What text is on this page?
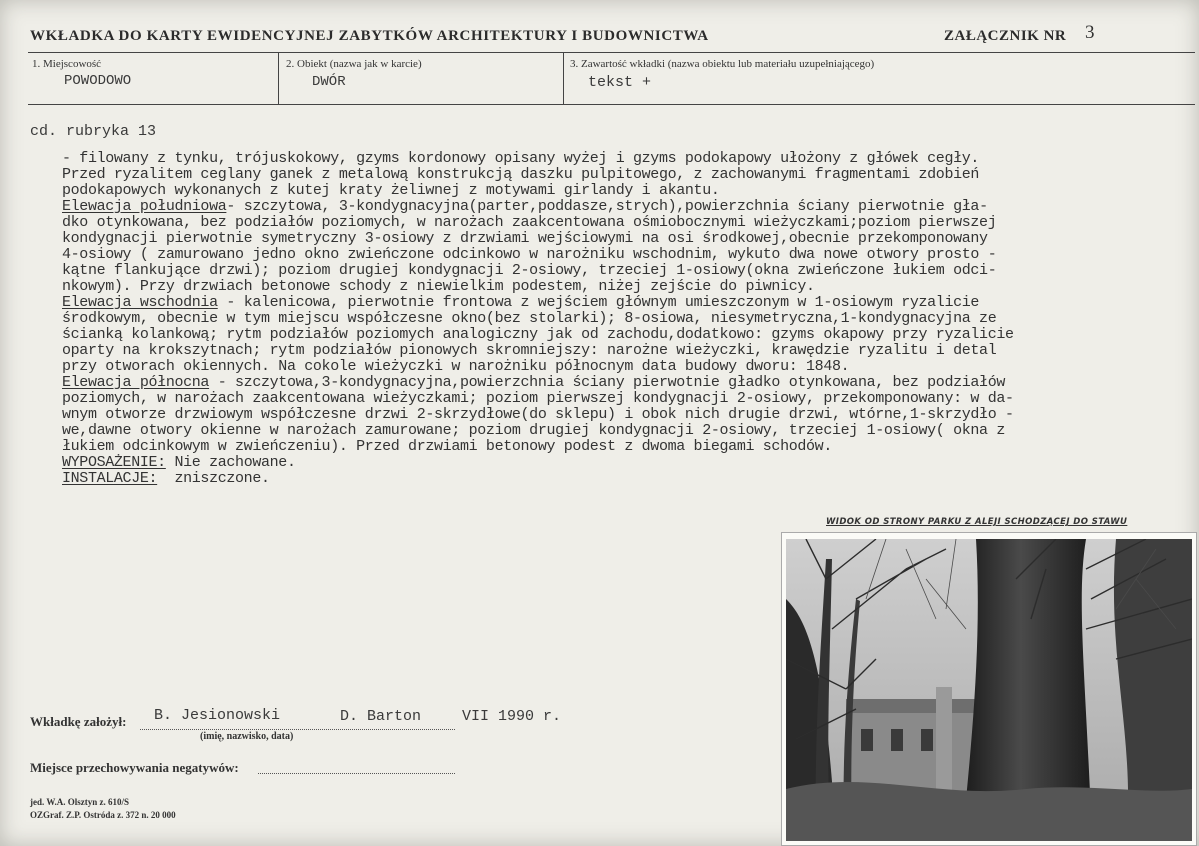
WKŁADKA DO KARTY EWIDENCYJNEJ ZABYTKÓW ARCHITEKTURY I BUDOWNICTWA	ZAŁĄCZNIK NR 3
1. Miejscowość
POWODOWO
2. Obiekt (nazwa jak w karcie)
DWÓR
3. Zawartość wkładki (nazwa obiektu lub materiału uzupełniającego)
tekst +
cd. rubryka 13
- filowany z tynku, trójuskokowy, gzyms kordonowy opisany wyżej i gzyms podokapowy ułożony z główek cegły.
Przed ryzalitem ceglany ganek z metalową konstrukcją daszku pulpitowego, z zachowanymi fragmentami zdobień
podokapowych wykonanych z kutej kraty żeliwnej z motywami girlandy i akantu.
Elewacja południowa- szczytowa, 3-kondygnacyjna(parter,poddasze,strych),powierzchnia ściany pierwotnie gła-
dko otynkowana, bez podziałów poziomych, w narożach zaakcentowana ośmiobocznymi wieżyczkami;poziom pierwszej
kondygnacji pierwotnie symetryczny 3-osiowy z drzwiami wejściowymi na osi środkowej,obecnie przekomponowany
4-osiowy ( zamurowano jedno okno zwieńczone odcinkowo w narożniku wschodnim, wykuto dwa nowe otwory prosto -
kątne flankujące drzwi); poziom drugiej kondygnacji 2-osiowy, trzeciej 1-osiowy(okna zwieńczone łukiem odci-
nkowym). Przy drzwiach betonowe schody z niewielkim podestem, niżej zejście do piwnicy.
Elewacja wschodnia - kalenicowa, pierwotnie frontowa z wejściem głównym umieszczonym w 1-osiowym ryzalicie
środkowym, obecnie w tym miejscu współczesne okno(bez stolarki); 8-osiowa, niesymetryczna,1-kondygnacyjna ze
ścianką kolankową; rytm podziałów poziomych analogiczny jak od zachodu,dodatkowo: gzyms okapowy przy ryzalicie
oparty na krokszytnach; rytm podziałów pionowych skromniejszy: narożne wieżyczki, krawędzie ryzalitu i detal
przy otworach okiennych. Na cokole wieżyczki w narożniku północnym data budowy dworu: 1848.
Elewacja północna - szczytowa,3-kondygnacyjna,powierzchnia ściany pierwotnie gładko otynkowana, bez podziałów
poziomych, w narożach zaakcentowana wieżyczkami; poziom pierwszej kondygnacji 2-osiowy, przekomponowany: w da-
wnym otworze drzwiowym współczesne drzwi 2-skrzydłowe(do sklepu) i obok nich drugie drzwi, wtórne,1-skrzydło -
we,dawne otwory okienne w narożach zamurowane; poziom drugiej kondygnacji 2-osiowy, trzeciej 1-osiowy( okna z
łukiem odcinkowym w zwieńczeniu). Przed drzwiami betonowy podest z dwoma biegami schodów.
WYPOSAŻENIE: Nie zachowane.
INSTALACJE:  zniszczone.
WIDOK OD STRONY PARKU Z ALEJI SCHODZĄCEJ DO STAWU
Wkładkę założył: B. Jesionowski	D. Barton	VII 1990 r.
(imię, nazwisko, data)
Miejsce przechowywania negatywów:
jed. W.A. Olsztyn z. 610/S
OZGraf. Z.P. Ostróda z. 372 n. 20 000
